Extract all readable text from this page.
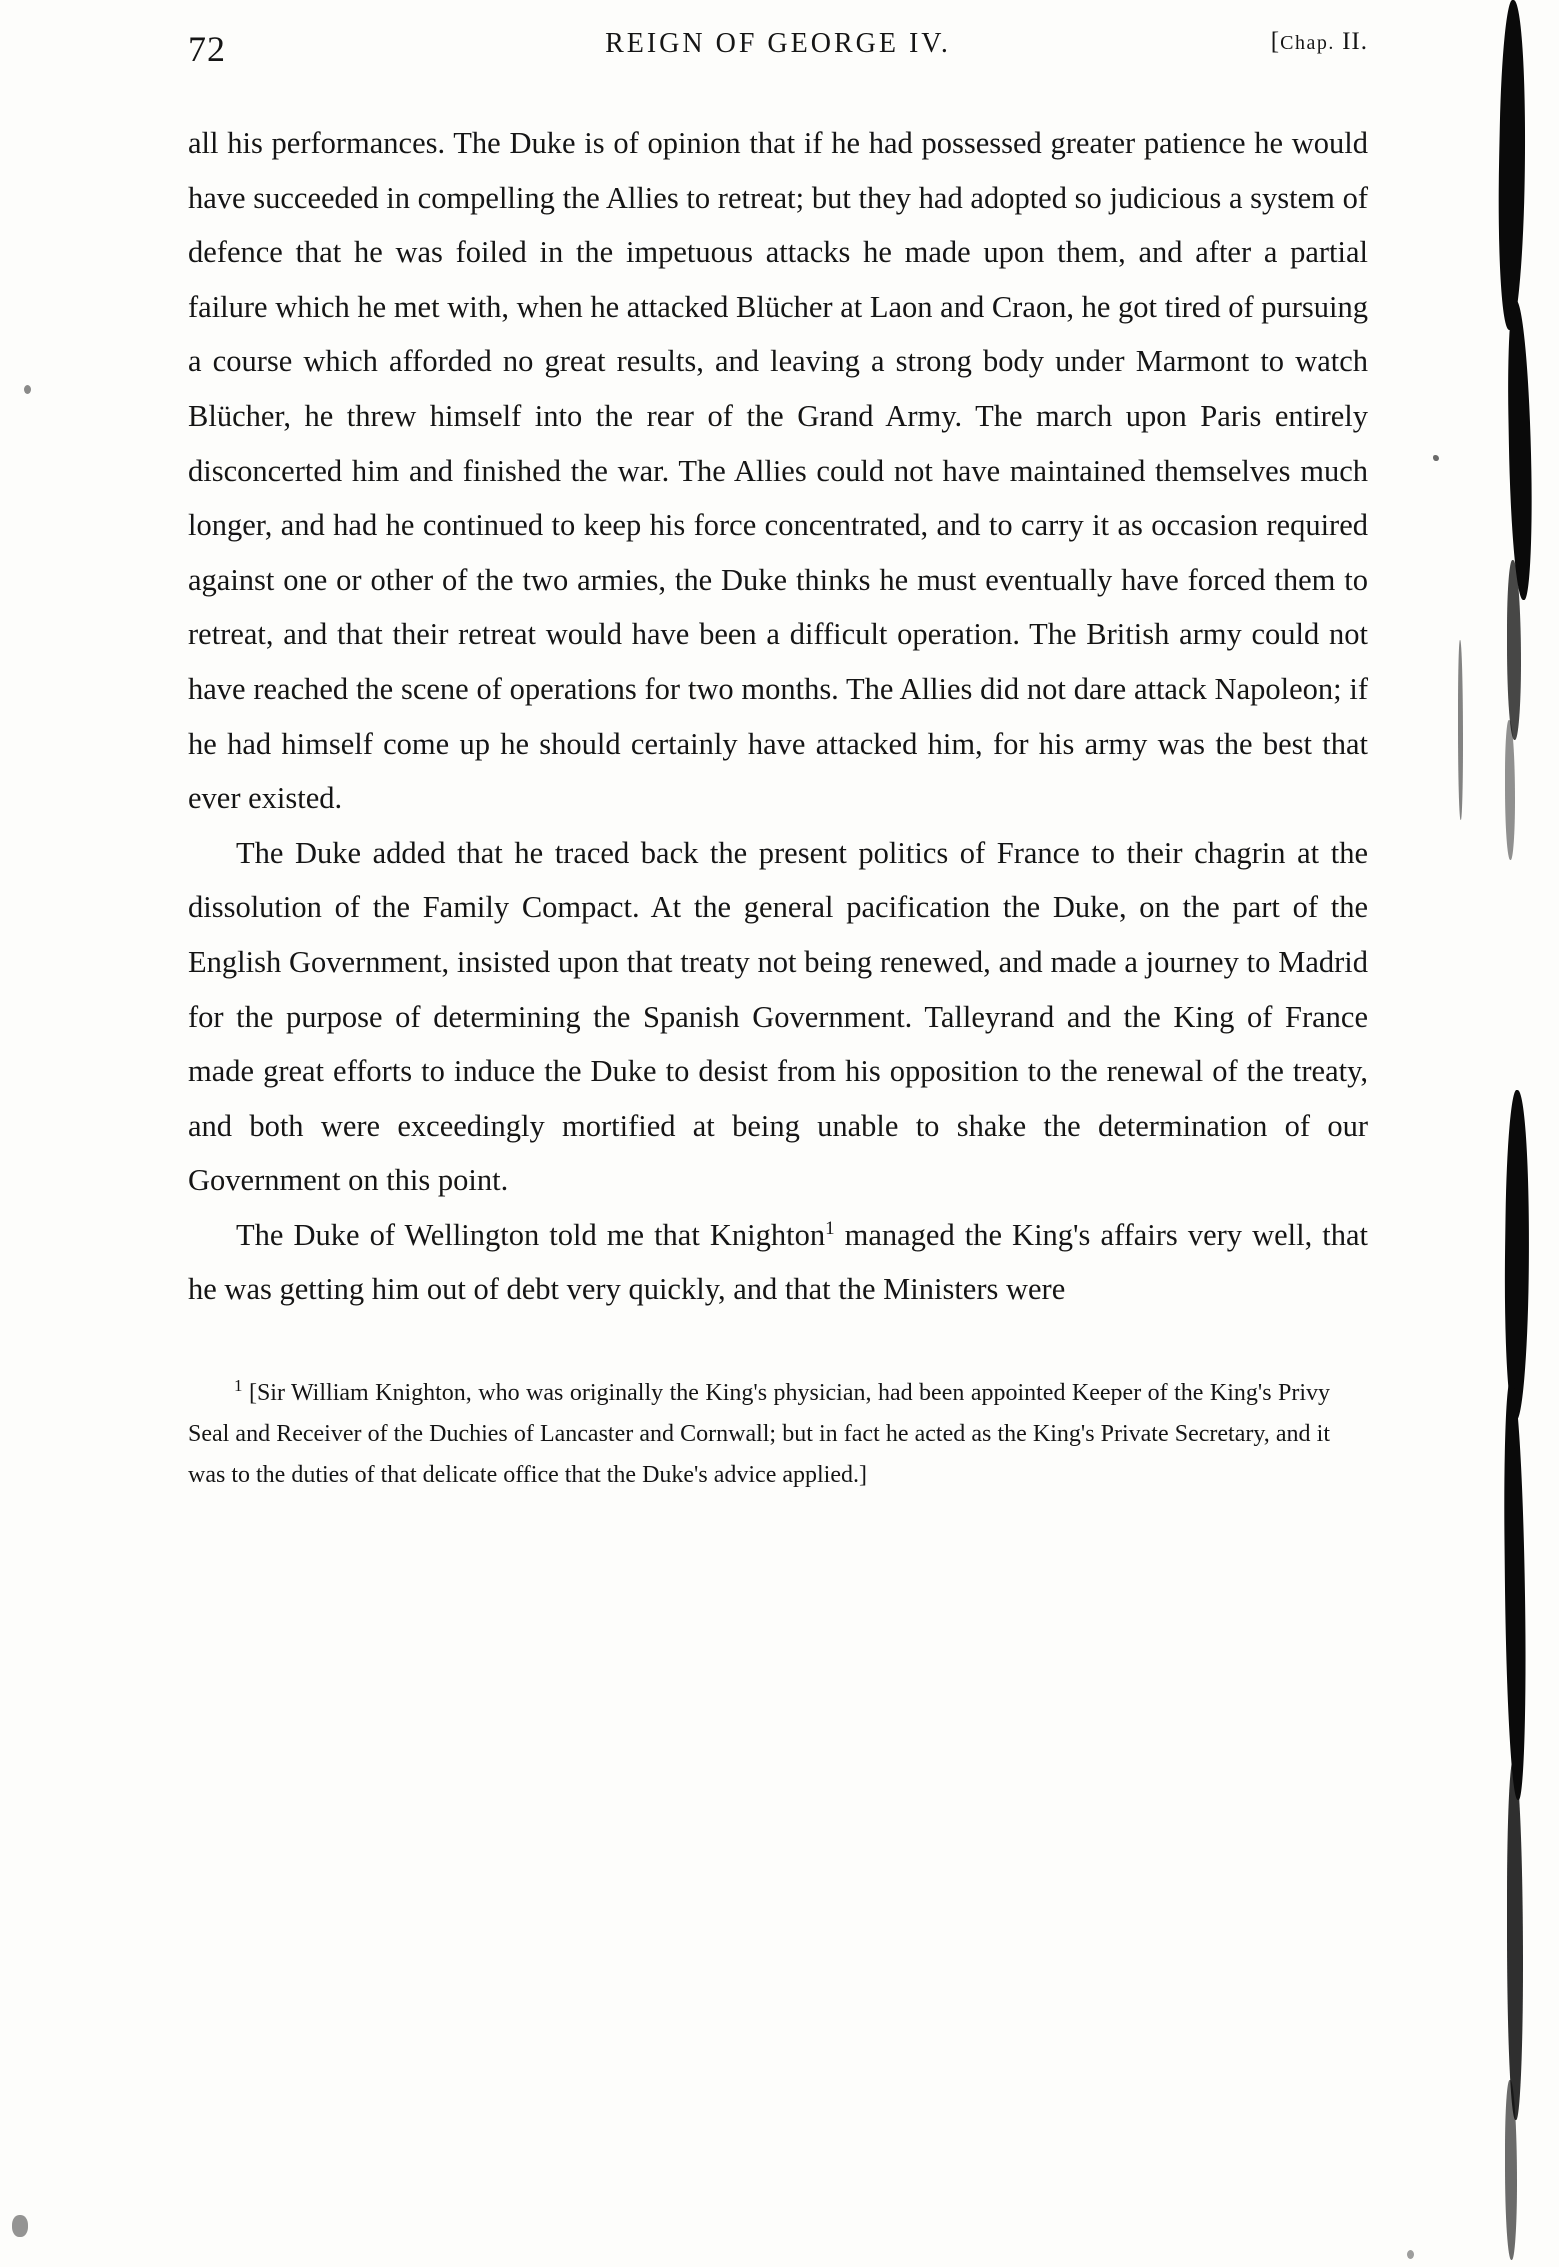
72	REIGN OF GEORGE IV.	[Chap. II.

all his performances. The Duke is of opinion that if he had possessed greater patience he would have succeeded in compelling the Allies to retreat; but they had adopted so judicious a system of defence that he was foiled in the impetuous attacks he made upon them, and after a partial failure which he met with, when he attacked Blücher at Laon and Craon, he got tired of pursuing a course which afforded no great results, and leaving a strong body under Marmont to watch Blücher, he threw himself into the rear of the Grand Army. The march upon Paris entirely disconcerted him and finished the war. The Allies could not have maintained themselves much longer, and had he continued to keep his force concentrated, and to carry it as occasion required against one or other of the two armies, the Duke thinks he must eventually have forced them to retreat, and that their retreat would have been a difficult operation. The British army could not have reached the scene of operations for two months. The Allies did not dare attack Napoleon; if he had himself come up he should certainly have attacked him, for his army was the best that ever existed.

The Duke added that he traced back the present politics of France to their chagrin at the dissolution of the Family Compact. At the general pacification the Duke, on the part of the English Government, insisted upon that treaty not being renewed, and made a journey to Madrid for the purpose of determining the Spanish Government. Talleyrand and the King of France made great efforts to induce the Duke to desist from his opposition to the renewal of the treaty, and both were exceedingly mortified at being unable to shake the determination of our Government on this point.

The Duke of Wellington told me that Knighton$^1$ managed the King's affairs very well, that he was getting him out of debt very quickly, and that the Ministers were

$^1$ [Sir William Knighton, who was originally the King's physician, had been appointed Keeper of the King's Privy Seal and Receiver of the Duchies of Lancaster and Cornwall; but in fact he acted as the King's Private Secretary, and it was to the duties of that delicate office that the Duke's advice applied.]
